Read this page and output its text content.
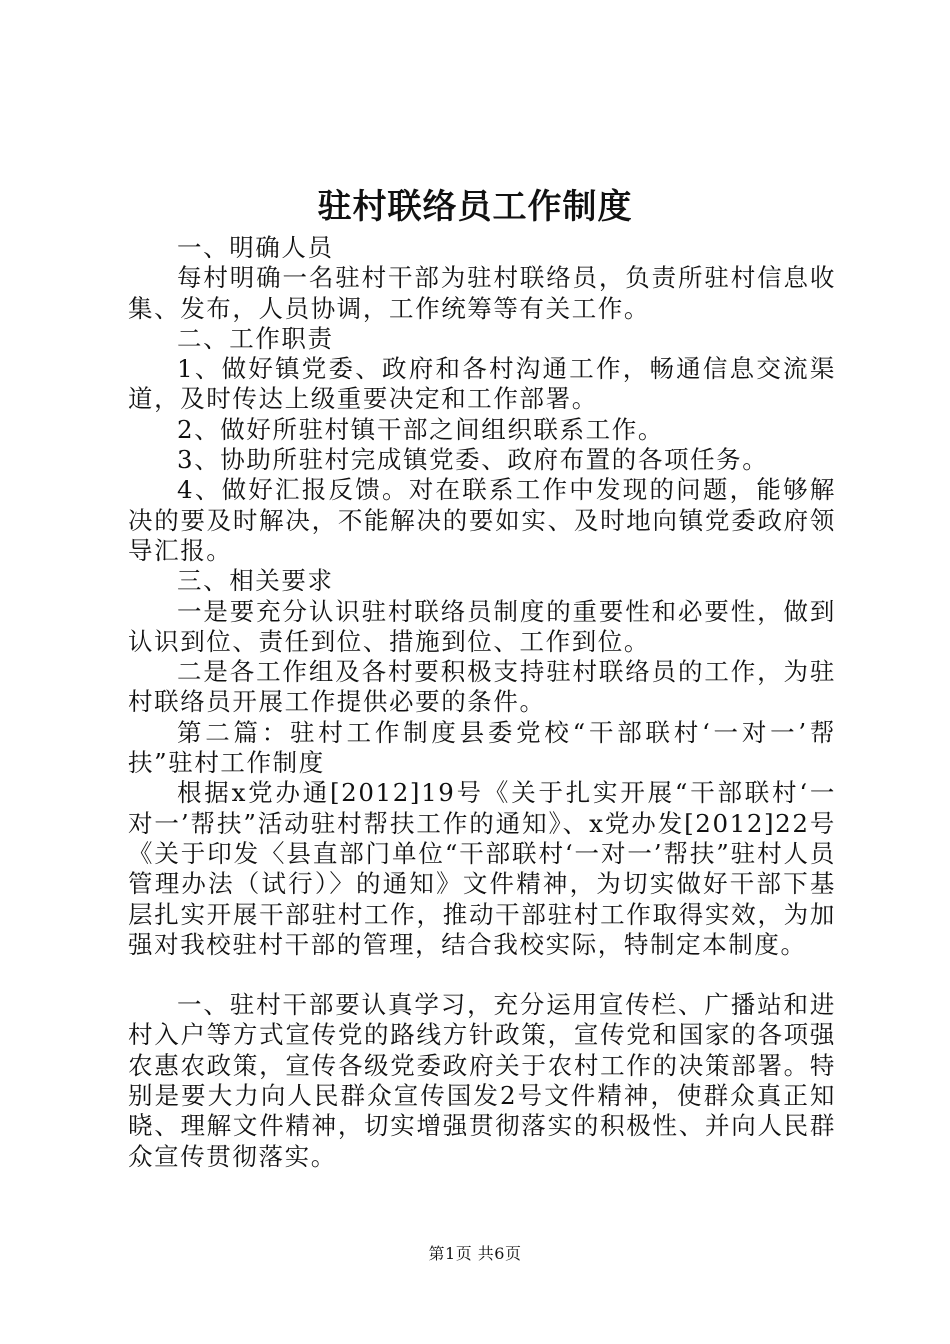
驻村联络员工作制度

一、明确人员

每村明确一名驻村干部为驻村联络员，负责所驻村信息收集、发布，人员协调，工作统筹等有关工作。

二、工作职责

1、做好镇党委、政府和各村沟通工作，畅通信息交流渠道，及时传达上级重要决定和工作部署。

2、做好所驻村镇干部之间组织联系工作。

3、协助所驻村完成镇党委、政府布置的各项任务。

4、做好汇报反馈。对在联系工作中发现的问题，能够解决的要及时解决，不能解决的要如实、及时地向镇党委政府领导汇报。

三、相关要求

一是要充分认识驻村联络员制度的重要性和必要性，做到认识到位、责任到位、措施到位、工作到位。

二是各工作组及各村要积极支持驻村联络员的工作，为驻村联络员开展工作提供必要的条件。

第二篇：驻村工作制度县委党校“干部联村‘一对一’帮扶”驻村工作制度

根据x党办通[2012]19号《关于扎实开展“干部联村‘一对一’帮扶”活动驻村帮扶工作的通知》、x党办发[2012]22号《关于印发〈县直部门单位“干部联村‘一对一’帮扶”驻村人员管理办法（试行）〉的通知》文件精神，为切实做好干部下基层扎实开展干部驻村工作，推动干部驻村工作取得实效，为加强对我校驻村干部的管理，结合我校实际，特制定本制度。

一、驻村干部要认真学习，充分运用宣传栏、广播站和进村入户等方式宣传党的路线方针政策，宣传党和国家的各项强农惠农政策，宣传各级党委政府关于农村工作的决策部署。特别是要大力向人民群众宣传国发2号文件精神，使群众真正知晓、理解文件精神，切实增强贯彻落实的积极性、并向人民群众宣传贯彻落实。

第1页 共6页
